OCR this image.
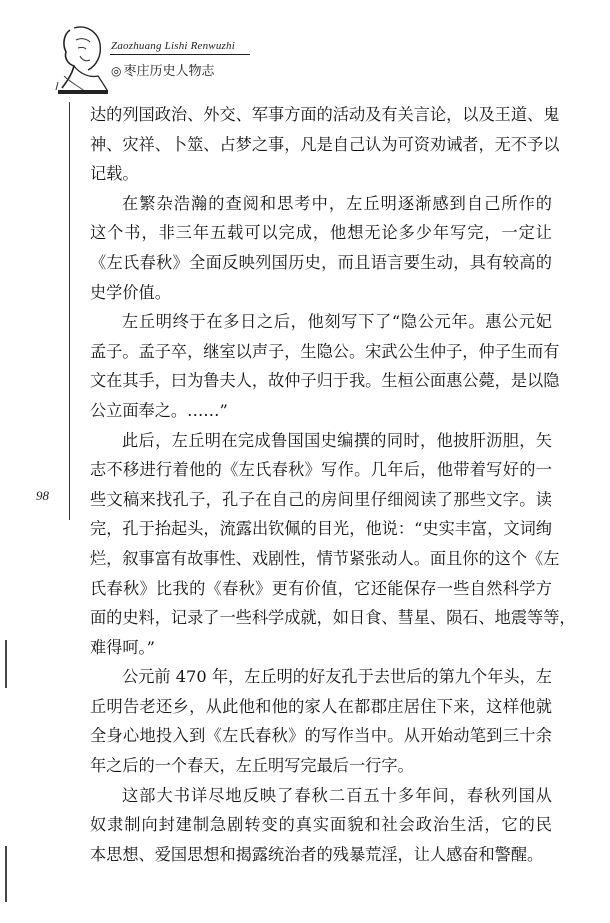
Zaozhuang Lishi Renwuzhi
◎ 枣庄历史人物志
98
达的列国政治、外交、军事方面的活动及有关言论，以及王道、鬼
神、灾祥、卜筮、占梦之事，凡是自己认为可资劝诫者，无不予以
记载。
在繁杂浩瀚的查阅和思考中，左丘明逐渐感到自己所作的
这个书，非三年五载可以完成，他想无论多少年写完，一定让
《左氏春秋》全面反映列国历史，而且语言要生动，具有较高的
史学价值。
左丘明终于在多日之后，他刻写下了“隐公元年。惠公元妃
孟子。孟子卒，继室以声子，生隐公。宋武公生仲子，仲子生而有
文在其手，曰为鲁夫人，故仲子归于我。生桓公面惠公薨，是以隐
公立面奉之。……”
此后，左丘明在完成鲁国国史编撰的同时，他披肝沥胆，矢
志不移进行着他的《左氏春秋》写作。几年后，他带着写好的一
些文稿来找孔子，孔子在自己的房间里仔细阅读了那些文字。读
完，孔于抬起头，流露出钦佩的目光，他说：“史实丰富，文词绚
烂，叙事富有故事性、戏剧性，情节紧张动人。面且你的这个《左
氏春秋》比我的《春秋》更有价值，它还能保存一些自然科学方
面的史料，记录了一些科学成就，如日食、彗星、陨石、地震等等，
难得呵。”
公元前 470 年，左丘明的好友孔于去世后的第九个年头，左
丘明告老还乡，从此他和他的家人在都郡庄居住下来，这样他就
全身心地投入到《左氏春秋》的写作当中。从开始动笔到三十余
年之后的一个春天，左丘明写完最后一行字。
这部大书详尽地反映了春秋二百五十多年间，春秋列国从
奴隶制向封建制急剧转变的真实面貌和社会政治生活，它的民
本思想、爱国思想和揭露统治者的残暴荒淫，让人感奋和警醒。
